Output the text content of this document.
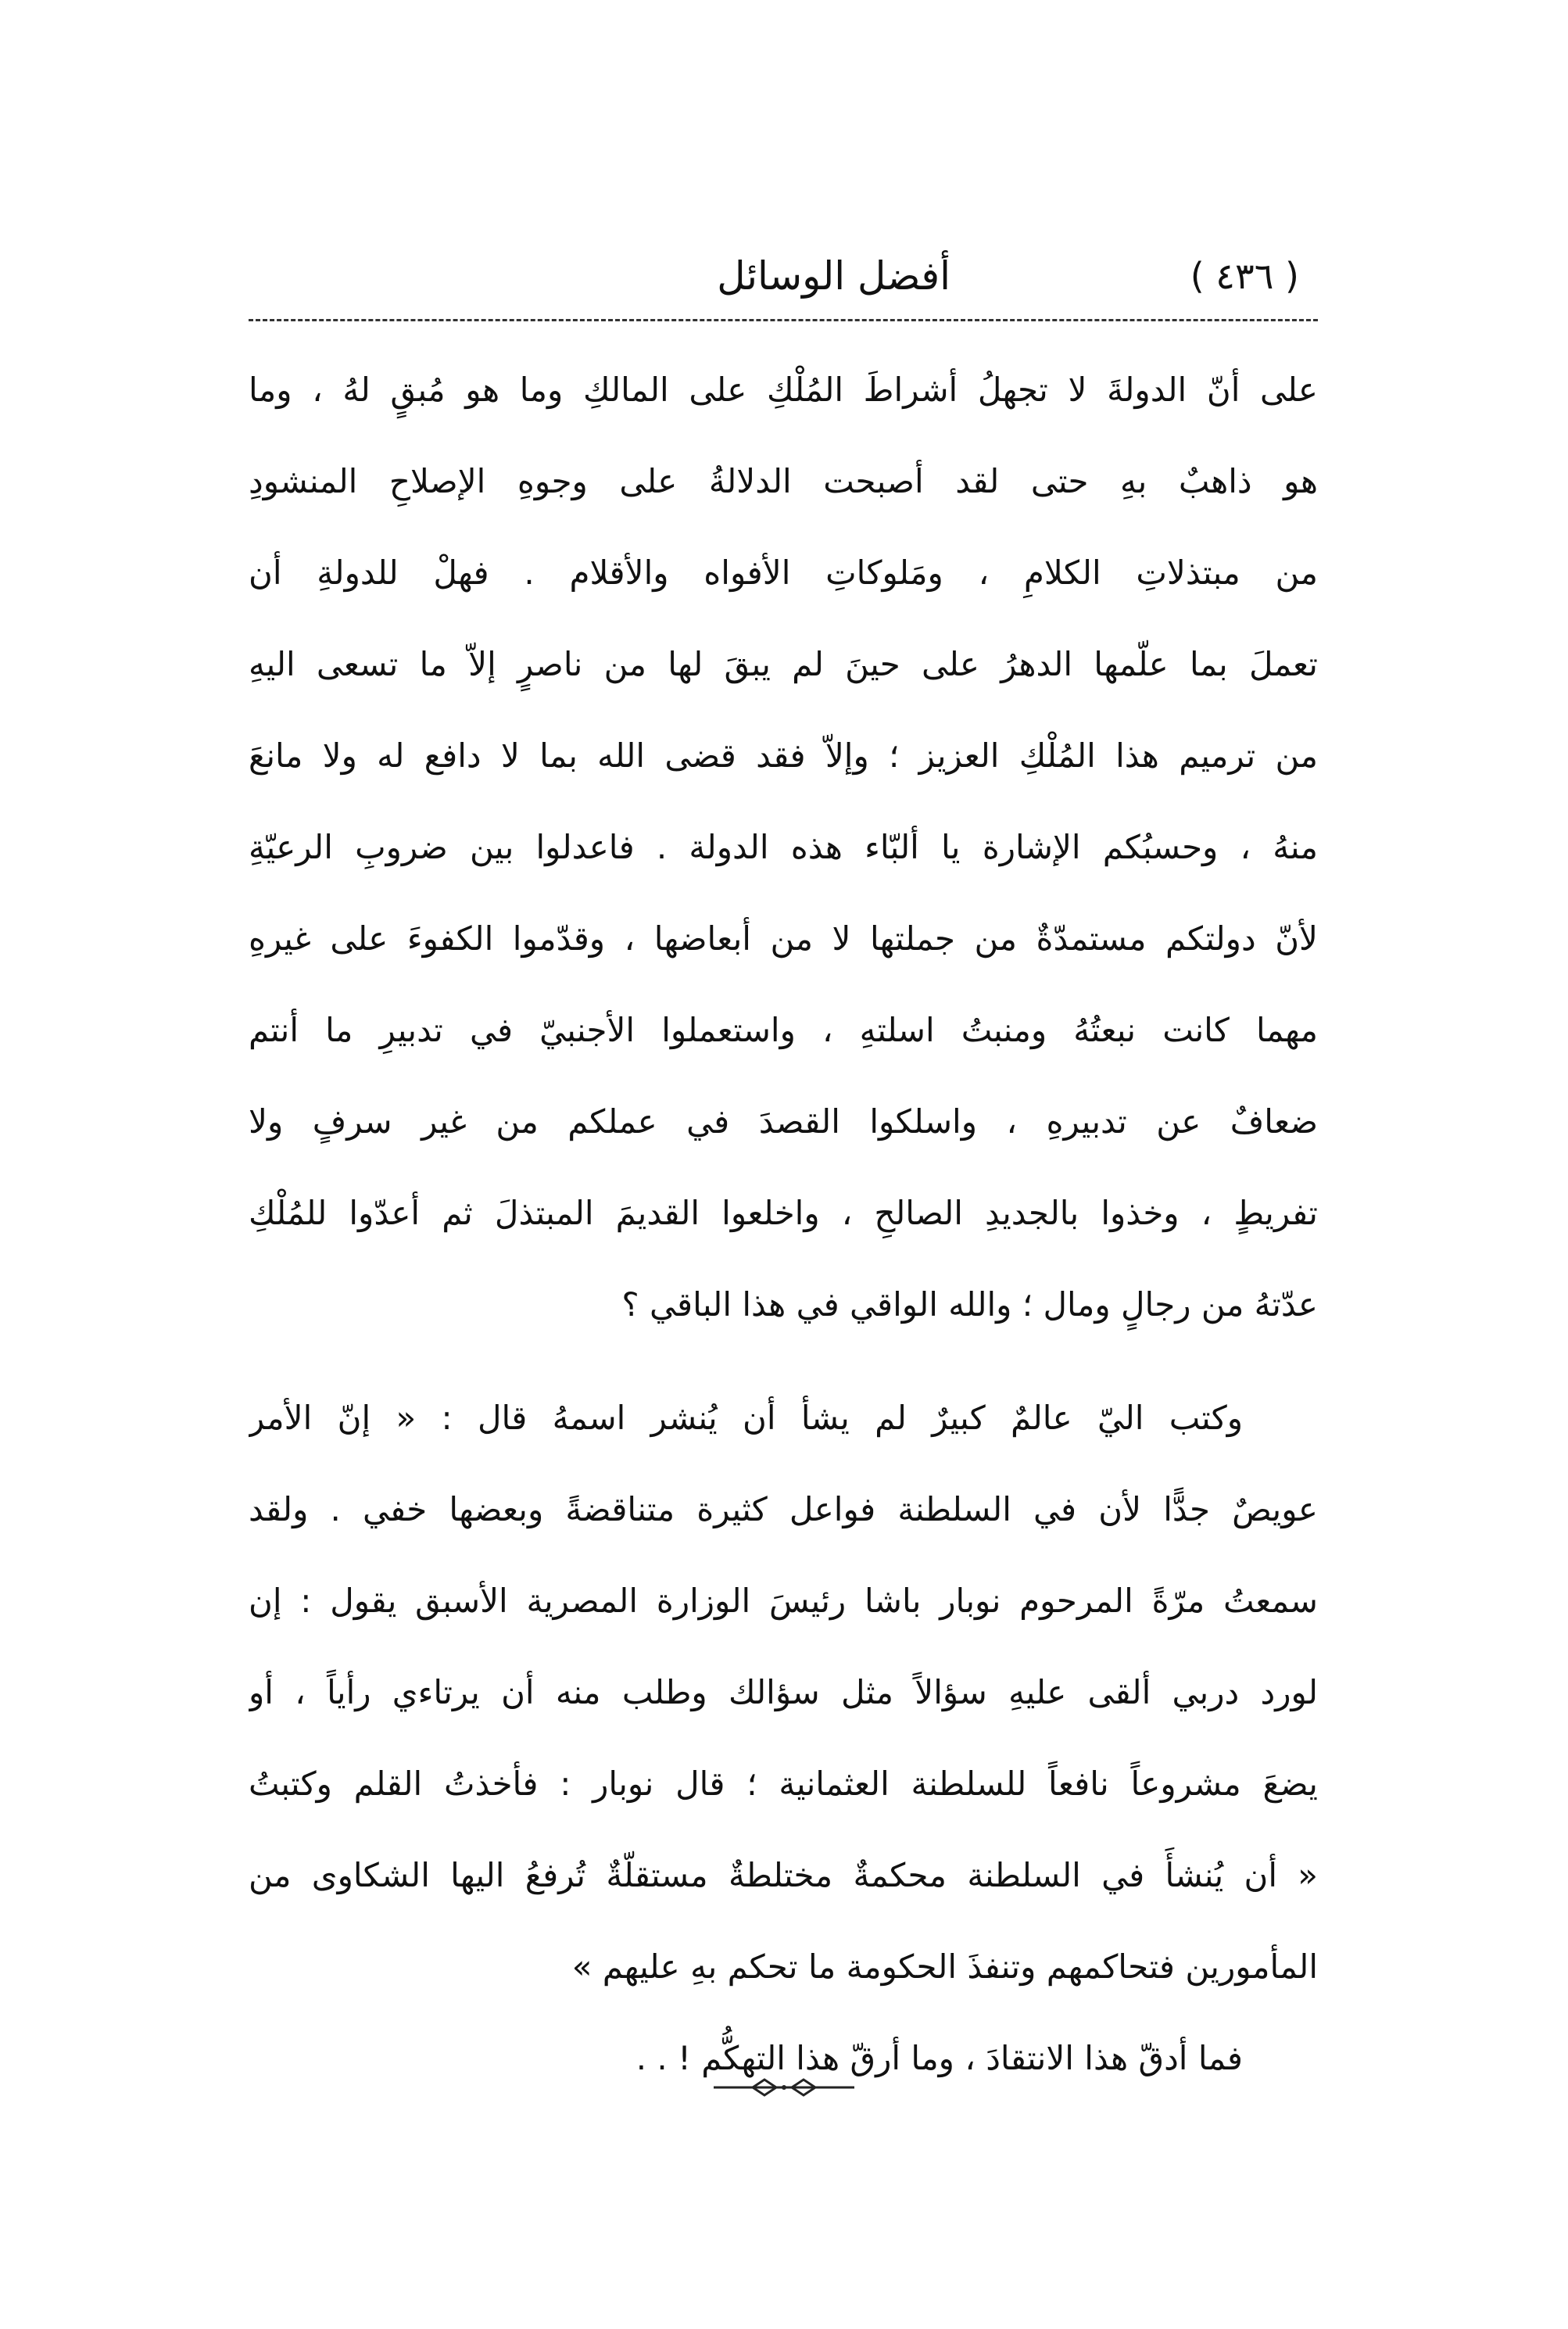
( ٤٣٦ )
أفضل الوسائل
على أنّ الدولةَ لا تجهلُ أشراطَ المُلْكِ على المالكِ وما هو مُبقٍ لهُ ، وما
هو ذاهبٌ بهِ حتى لقد أصبحت الدلالةُ على وجوهِ الإصلاحِ المنشودِ
من مبتذلاتِ الكلامِ ، ومَلوكاتِ الأفواه والأقلام . فهلْ للدولةِ أن
تعملَ بما علّمها الدهرُ على حينَ لم يبقَ لها من ناصرٍ إلاّ ما تسعى اليهِ
من ترميم هذا المُلْكِ العزيز ؛ وإلاّ فقد قضى الله بما لا دافع له ولا مانعَ
منهُ ، وحسبُكم الإشارة يا ألبّاء هذه الدولة . فاعدلوا بين ضروبِ الرعيّةِ
لأنّ دولتكم مستمدّةٌ من جملتها لا من أبعاضها ، وقدّموا الكفوءَ على غيرهِ
مهما كانت نبعتُهُ ومنبتُ اسلتهِ ، واستعملوا الأجنبيّ في تدبيرِ ما أنتم
ضعافٌ عن تدبيرهِ ، واسلكوا القصدَ في عملكم من غير سرفٍ ولا
تفريطٍ ، وخذوا بالجديدِ الصالحِ ، واخلعوا القديمَ المبتذلَ ثم أعدّوا للمُلْكِ
عدّتهُ من رجالٍ ومال ؛ والله الواقي في هذا الباقي ؟
وكتب اليّ عالمٌ كبيرٌ لم يشأ أن يُنشر اسمهُ قال : « إنّ الأمر
عويصٌ جدًّا لأن في السلطنة فواعل كثيرة متناقضةً وبعضها خفي . ولقد
سمعتُ مرّةً المرحوم نوبار باشا رئيسَ الوزارة المصرية الأسبق يقول : إن
لورد دربي ألقى عليهِ سؤالاً مثل سؤالك وطلب منه أن يرتاءي رأياً ، أو
يضعَ مشروعاً نافعاً للسلطنة العثمانية ؛ قال نوبار : فأخذتُ القلم وكتبتُ
« أن يُنشأَ في السلطنة محكمةٌ مختلطةٌ مستقلّةٌ تُرفعُ اليها الشكاوى من
المأمورين فتحاكمهم وتنفذَ الحكومة ما تحكم بهِ عليهم »
فما أدقّ هذا الانتقادَ ، وما أرقّ هذا التهكُّم ! . .
